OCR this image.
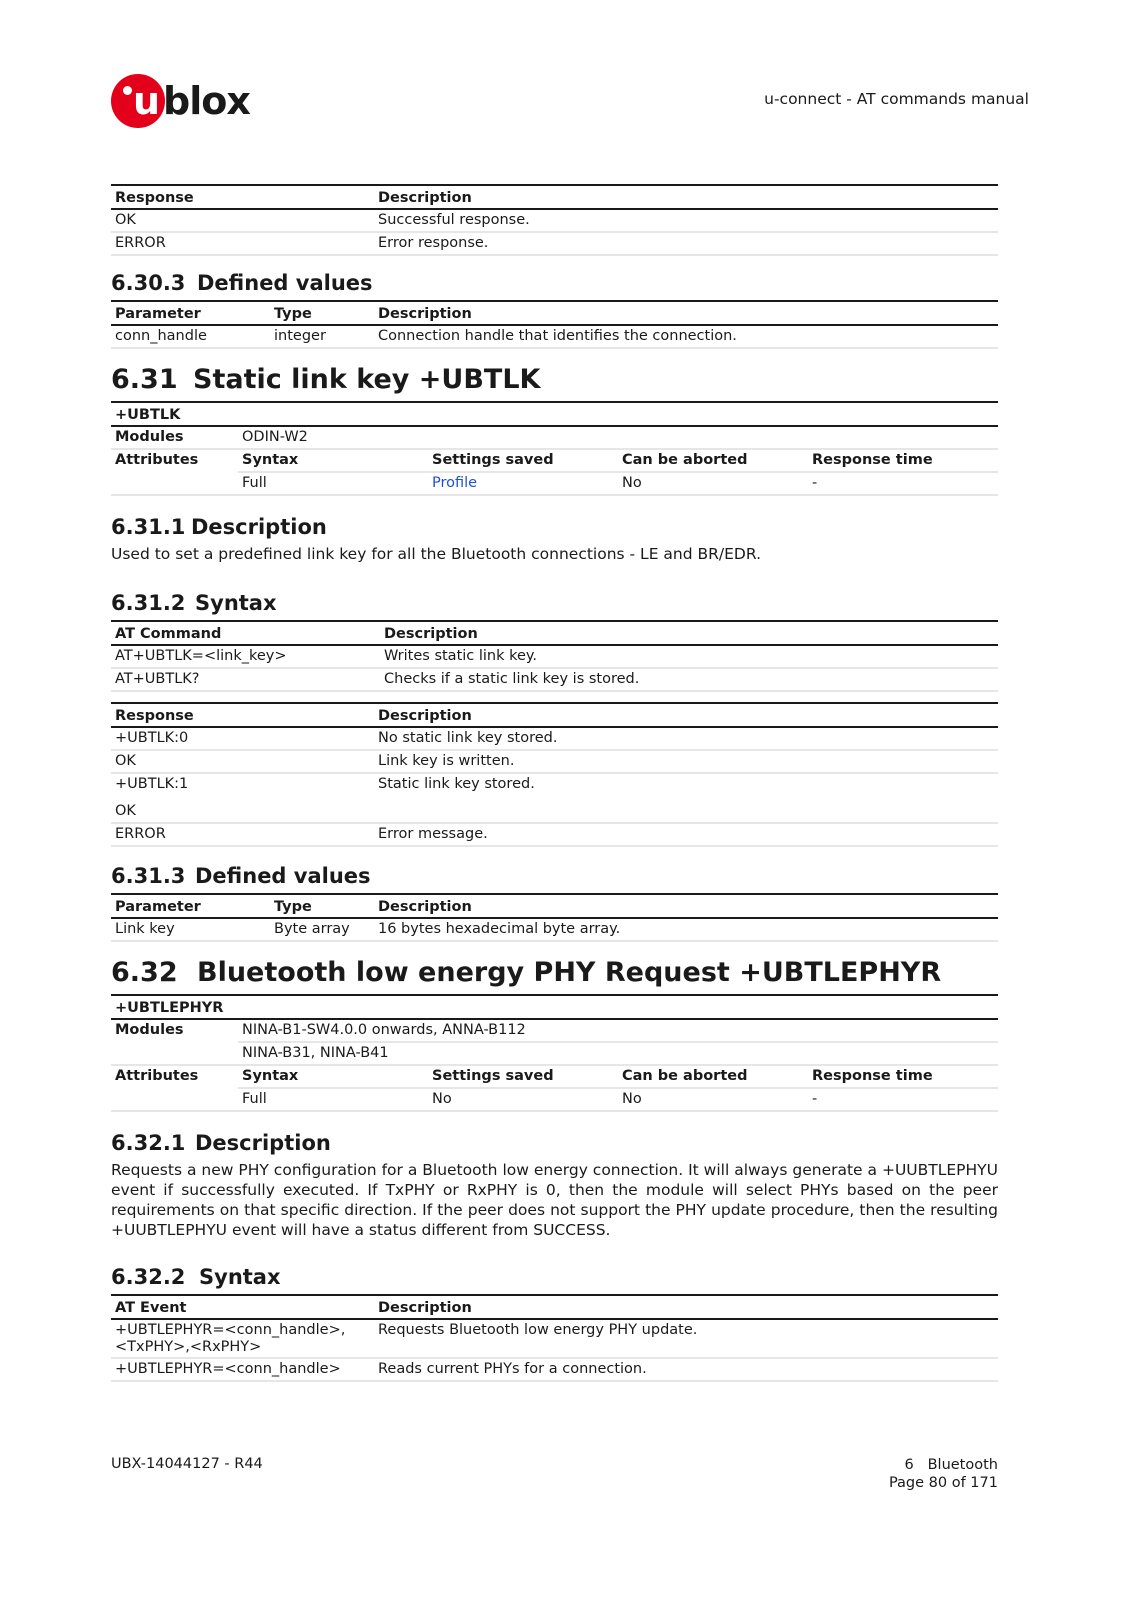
u blox	u-connect - AT commands manual
Response	Description
OK	Successful response.
ERROR	Error response.
6.30.3 Defined values
Parameter	Type	Description
conn_handle	integer	Connection handle that identifies the connection.
6.31 Static link key +UBTLK
+UBTLK				
Modules	ODIN-W2			
Attributes	Syntax	Settings saved	Can be aborted	Response time
	Full	Profile	No	-
6.31.1 Description

Used to set a predefined link key for all the Bluetooth connections - LE and BR/EDR.

6.31.2 Syntax
AT Command	Description
AT+UBTLK=<link_key>	Writes static link key.
AT+UBTLK?	Checks if a static link key is stored.
Response	Description
+UBTLK:0	No static link key stored.
OK	Link key is written.
+UBTLK:1	Static link key stored.
OK	
ERROR	Error message.
6.31.3 Defined values
Parameter	Type	Description
Link key	Byte array	16 bytes hexadecimal byte array.
6.32 Bluetooth low energy PHY Request +UBTLEPHYR
+UBTLEPHYR				
Modules	NINA-B1-SW4.0.0 onwards, ANNA-B112			
	NINA-B31, NINA-B41			
Attributes	Syntax	Settings saved	Can be aborted	Response time
	Full	No	No	-
6.32.1 Description

Requests a new PHY configuration for a Bluetooth low energy connection. It will always generate a +UUBTLEPHYU event if successfully executed. If TxPHY or RxPHY is 0, then the module will select PHYs based on the peer requirements on that specific direction. If the peer does not support the PHY update procedure, then the resulting +UUBTLEPHYU event will have a status different from SUCCESS.

6.32.2 Syntax
AT Event	Description
+UBTLEPHYR=<conn_handle>, <TxPHY>,<RxPHY>	Requests Bluetooth low energy PHY update.
+UBTLEPHYR=<conn_handle>	Reads current PHYs for a connection.
UBX-14044127 - R44	6   Bluetooth
Page 80 of 171
